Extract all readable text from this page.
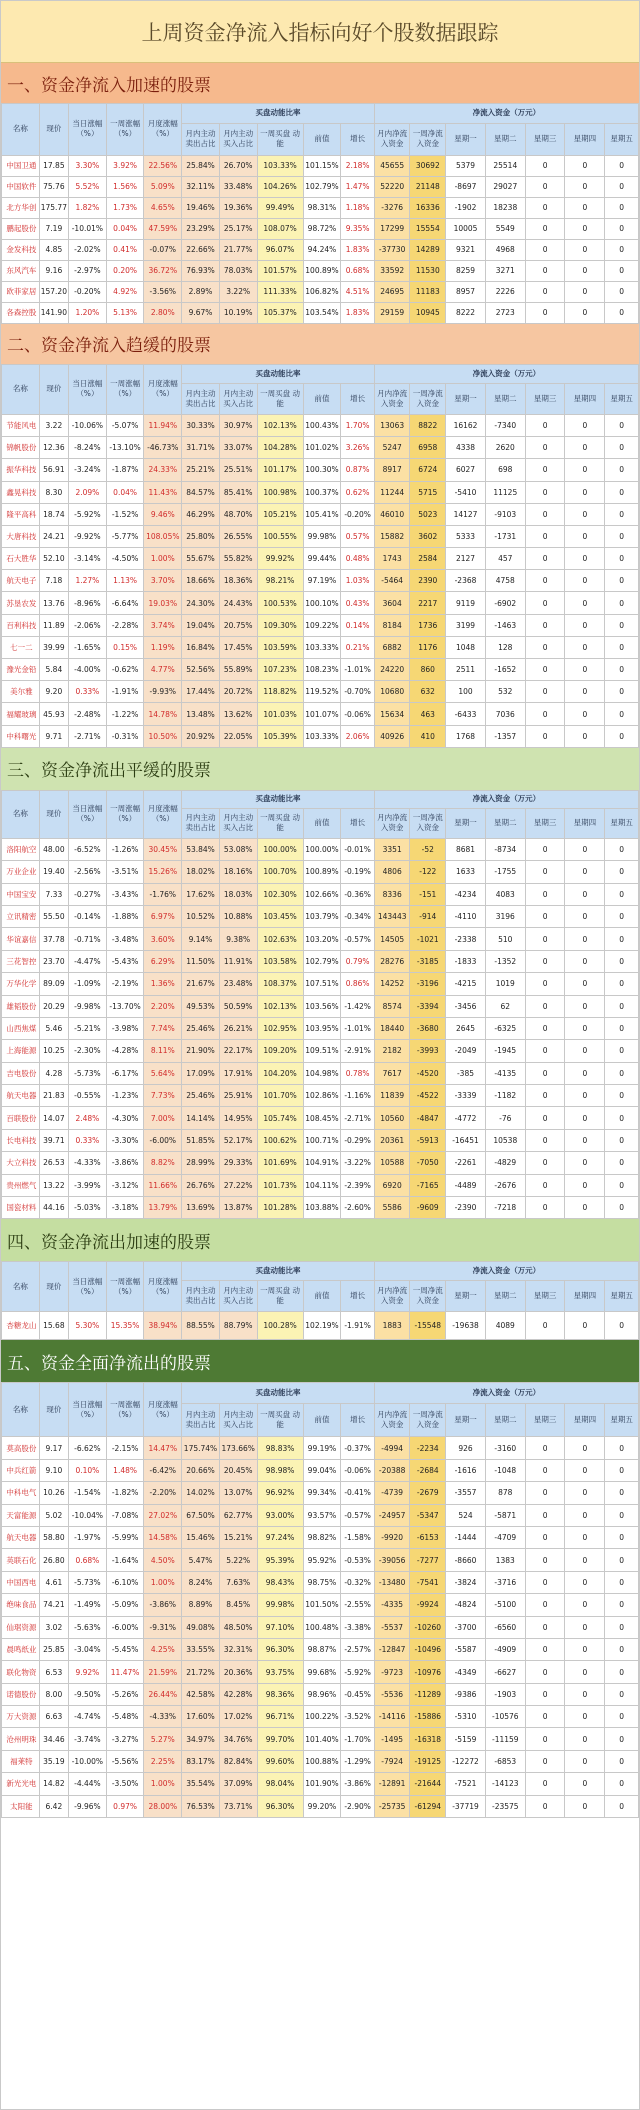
上周资金净流入指标向好个股数据跟踪
一、资金净流入加速的股票
名称	现价	当日涨幅 （%）	一周涨幅 （%）	月度涨幅 （%）	买盘动能比率					净流入资金（万元）						
					月内主动 卖出占比	月内主动 买入占比	一周买盘 动能	前值	增长	月内净流 入资金	一周净流 入资金	星期一	星期二	星期三	星期四	星期五
中国卫通	17.85	3.30%	3.92%	22.56%	25.84%	26.70%	103.33%	101.15%	2.18%	45655	30692	5379	25514	0	0	0
中国软件	75.76	5.52%	1.56%	5.09%	32.11%	33.48%	104.26%	102.79%	1.47%	52220	21148	-8697	29027	0	0	0
北方华创	175.77	1.82%	1.73%	4.65%	19.46%	19.36%	99.49%	98.31%	1.18%	-3276	16336	-1902	18238	0	0	0
鹏起股份	7.19	-10.01%	0.04%	47.59%	23.29%	25.17%	108.07%	98.72%	9.35%	17299	15554	10005	5549	0	0	0
金发科技	4.85	-2.02%	0.41%	-0.07%	22.66%	21.77%	96.07%	94.24%	1.83%	-37730	14289	9321	4968	0	0	0
东风汽车	9.16	-2.97%	0.20%	36.72%	76.93%	78.03%	101.57%	100.89%	0.68%	33592	11530	8259	3271	0	0	0
欧菲家居	157.20	-0.20%	4.92%	-3.56%	2.89%	3.22%	111.33%	106.82%	4.51%	24695	11183	8957	2226	0	0	0
各森控股	141.90	1.20%	5.13%	2.80%	9.67%	10.19%	105.37%	103.54%	1.83%	29159	10945	8222	2723	0	0	0
二、资金净流入趋缓的股票
名称	现价	当日涨幅 （%）	一周涨幅 （%）	月度涨幅 （%）	买盘动能比率					净流入资金（万元）						
					月内主动 卖出占比	月内主动 买入占比	一周买盘 动能	前值	增长	月内净流 入资金	一周净流 入资金	星期一	星期二	星期三	星期四	星期五
节能风电	3.22	-10.06%	-5.07%	11.94%	30.33%	30.97%	102.13%	100.43%	1.70%	13063	8822	16162	-7340	0	0	0
锦帆股份	12.36	-8.24%	-13.10%	-46.73%	31.71%	33.07%	104.28%	101.02%	3.26%	5247	6958	4338	2620	0	0	0
振华科技	56.91	-3.24%	-1.87%	24.33%	25.21%	25.51%	101.17%	100.30%	0.87%	8917	6724	6027	698	0	0	0
鑫晃科技	8.30	2.09%	0.04%	11.43%	84.57%	85.41%	100.98%	100.37%	0.62%	11244	5715	-5410	11125	0	0	0
隆平高科	18.74	-5.92%	-1.52%	9.46%	46.29%	48.70%	105.21%	105.41%	-0.20%	46010	5023	14127	-9103	0	0	0
大唐科技	24.21	-9.92%	-5.77%	108.05%	25.80%	26.55%	100.55%	99.98%	0.57%	15882	3602	5333	-1731	0	0	0
石大胜华	52.10	-3.14%	-4.50%	1.00%	55.67%	55.82%	99.92%	99.44%	0.48%	1743	2584	2127	457	0	0	0
航天电子	7.18	1.27%	1.13%	3.70%	18.66%	18.36%	98.21%	97.19%	1.03%	-5464	2390	-2368	4758	0	0	0
苏垦农发	13.76	-8.96%	-6.64%	19.03%	24.30%	24.43%	100.53%	100.10%	0.43%	3604	2217	9119	-6902	0	0	0
百利科技	11.89	-2.06%	-2.28%	3.74%	19.04%	20.75%	109.30%	109.22%	0.14%	8184	1736	3199	-1463	0	0	0
七一二	39.99	-1.65%	0.15%	1.19%	16.84%	17.45%	103.59%	103.33%	0.21%	6882	1176	1048	128	0	0	0
豫光金铅	5.84	-4.00%	-0.62%	4.77%	52.56%	55.89%	107.23%	108.23%	-1.01%	24220	860	2511	-1652	0	0	0
美尔雅	9.20	0.33%	-1.91%	-9.93%	17.44%	20.72%	118.82%	119.52%	-0.70%	10680	632	100	532	0	0	0
福耀玻璃	45.93	-2.48%	-1.22%	14.78%	13.48%	13.62%	101.03%	101.07%	-0.06%	15634	463	-6433	7036	0	0	0
中科曙光	9.71	-2.71%	-0.31%	10.50%	20.92%	22.05%	105.39%	103.33%	2.06%	40926	410	1768	-1357	0	0	0
三、资金净流出平缓的股票
名称	现价	当日涨幅 （%）	一周涨幅 （%）	月度涨幅 （%）	买盘动能比率					净流入资金（万元）						
					月内主动 卖出占比	月内主动 买入占比	一周买盘 动能	前值	增长	月内净流 入资金	一周净流 入资金	星期一	星期二	星期三	星期四	星期五
洛阳航空	48.00	-6.52%	-1.26%	30.45%	53.84%	53.08%	100.00%	100.00%	-0.01%	3351	-52	8681	-8734	0	0	0
万业企业	19.40	-2.56%	-3.51%	15.26%	18.02%	18.16%	100.70%	100.89%	-0.19%	4806	-122	1633	-1755	0	0	0
中国宝安	7.33	-0.27%	-3.43%	-1.76%	17.62%	18.03%	102.30%	102.66%	-0.36%	8336	-151	-4234	4083	0	0	0
立讯精密	55.50	-0.14%	-1.88%	6.97%	10.52%	10.88%	103.45%	103.79%	-0.34%	143443	-914	-4110	3196	0	0	0
华谊嘉信	37.78	-0.71%	-3.48%	3.60%	9.14%	9.38%	102.63%	103.20%	-0.57%	14505	-1021	-2338	510	0	0	0
三花智控	23.70	-4.47%	-5.43%	6.29%	11.50%	11.91%	103.58%	102.79%	0.79%	28276	-3185	-1833	-1352	0	0	0
万华化学	89.09	-1.09%	-2.19%	1.36%	21.67%	23.48%	108.37%	107.51%	0.86%	14252	-3196	-4215	1019	0	0	0
雄韬股份	20.29	-9.98%	-13.70%	2.20%	49.53%	50.59%	102.13%	103.56%	-1.42%	8574	-3394	-3456	62	0	0	0
山西焦煤	5.46	-5.21%	-3.98%	7.74%	25.46%	26.21%	102.95%	103.95%	-1.01%	18440	-3680	2645	-6325	0	0	0
上海能源	10.25	-2.30%	-4.28%	8.11%	21.90%	22.17%	109.20%	109.51%	-2.91%	2182	-3993	-2049	-1945	0	0	0
吉电股份	4.28	-5.73%	-6.17%	5.64%	17.09%	17.91%	104.20%	104.98%	0.78%	7617	-4520	-385	-4135	0	0	0
航天电器	21.83	-0.55%	-1.23%	7.73%	25.46%	25.91%	101.70%	102.86%	-1.16%	11839	-4522	-3339	-1182	0	0	0
百联股份	14.07	2.48%	-4.30%	7.00%	14.14%	14.95%	105.74%	108.45%	-2.71%	10560	-4847	-4772	-76	0	0	0
长电科技	39.71	0.33%	-3.30%	-6.00%	51.85%	52.17%	100.62%	100.71%	-0.29%	20361	-5913	-16451	10538	0	0	0
大立科技	26.53	-4.33%	-3.86%	8.82%	28.99%	29.33%	101.69%	104.91%	-3.22%	10588	-7050	-2261	-4829	0	0	0
贵州燃气	13.22	-3.99%	-3.12%	11.66%	26.76%	27.22%	101.73%	104.11%	-2.39%	6920	-7165	-4489	-2676	0	0	0
国瓷材料	44.16	-5.03%	-3.18%	13.79%	13.69%	13.87%	101.28%	103.88%	-2.60%	5586	-9609	-2390	-7218	0	0	0
四、资金净流出加速的股票
名称	现价	当日涨幅 （%）	一周涨幅 （%）	月度涨幅 （%）	买盘动能比率					净流入资金（万元）						
					月内主动 卖出占比	月内主动 买入占比	一周买盘 动能	前值	增长	月内净流 入资金	一周净流 入资金	星期一	星期二	星期三	星期四	星期五
杏糖龙山	15.68	5.30%	15.35%	38.94%	88.55%	88.79%	100.28%	102.19%	-1.91%	1883	-15548	-19638	4089	0	0	0
五、资金全面净流出的股票
名称	现价	当日涨幅 （%）	一周涨幅 （%）	月度涨幅 （%）	买盘动能比率					净流入资金（万元）						
					月内主动 卖出占比	月内主动 买入占比	一周买盘 动能	前值	增长	月内净流 入资金	一周净流 入资金	星期一	星期二	星期三	星期四	星期五
莫高股份	9.17	-6.62%	-2.15%	14.47%	175.74%	173.66%	98.83%	99.19%	-0.37%	-4994	-2234	926	-3160	0	0	0
中兵红箭	9.10	0.10%	1.48%	-6.42%	20.66%	20.45%	98.98%	99.04%	-0.06%	-20388	-2684	-1616	-1048	0	0	0
中科电气	10.26	-1.54%	-1.82%	-2.20%	14.02%	13.07%	96.92%	99.34%	-0.41%	-4739	-2679	-3557	878	0	0	0
天富能源	5.02	-10.04%	-7.08%	27.02%	67.50%	62.77%	93.00%	93.57%	-0.57%	-24957	-5347	524	-5871	0	0	0
航天电器	58.80	-1.97%	-5.99%	14.58%	15.46%	15.21%	97.24%	98.82%	-1.58%	-9920	-6153	-1444	-4709	0	0	0
英联石化	26.80	0.68%	-1.64%	4.50%	5.47%	5.22%	95.39%	95.92%	-0.53%	-39056	-7277	-8660	1383	0	0	0
中国西电	4.61	-5.73%	-6.10%	1.00%	8.24%	7.63%	98.43%	98.75%	-0.32%	-13480	-7541	-3824	-3716	0	0	0
绝味食品	74.21	-1.49%	-5.09%	-3.86%	8.89%	8.45%	99.98%	101.50%	-2.55%	-4335	-9924	-4824	-5100	0	0	0
仙琚资源	3.02	-5.63%	-6.00%	-9.31%	49.08%	48.50%	97.10%	100.48%	-3.38%	-5537	-10260	-3700	-6560	0	0	0
晨鸣纸业	25.85	-3.04%	-5.45%	4.25%	33.55%	32.31%	96.30%	98.87%	-2.57%	-12847	-10496	-5587	-4909	0	0	0
联化物资	6.53	9.92%	11.47%	21.59%	21.72%	20.36%	93.75%	99.68%	-5.92%	-9723	-10976	-4349	-6627	0	0	0
诺德股份	8.00	-9.50%	-5.26%	26.44%	42.58%	42.28%	98.36%	98.96%	-0.45%	-5536	-11289	-9386	-1903	0	0	0
万大资源	6.63	-4.74%	-5.48%	-4.33%	17.60%	17.02%	96.71%	100.22%	-3.52%	-14116	-15886	-5310	-10576	0	0	0
沧州明珠	34.46	-3.74%	-3.27%	5.27%	34.97%	34.76%	99.70%	101.40%	-1.70%	-1495	-16318	-5159	-11159	0	0	0
福莱特	35.19	-10.00%	-5.56%	2.25%	83.17%	82.84%	99.60%	100.88%	-1.29%	-7924	-19125	-12272	-6853	0	0	0
新光光电	14.82	-4.44%	-3.50%	1.00%	35.54%	37.09%	98.04%	101.90%	-3.86%	-12891	-21644	-7521	-14123	0	0	0
太阳能	6.42	-9.96%	0.97%	28.00%	76.53%	73.71%	96.30%	99.20%	-2.90%	-25735	-61294	-37719	-23575	0	0	0
